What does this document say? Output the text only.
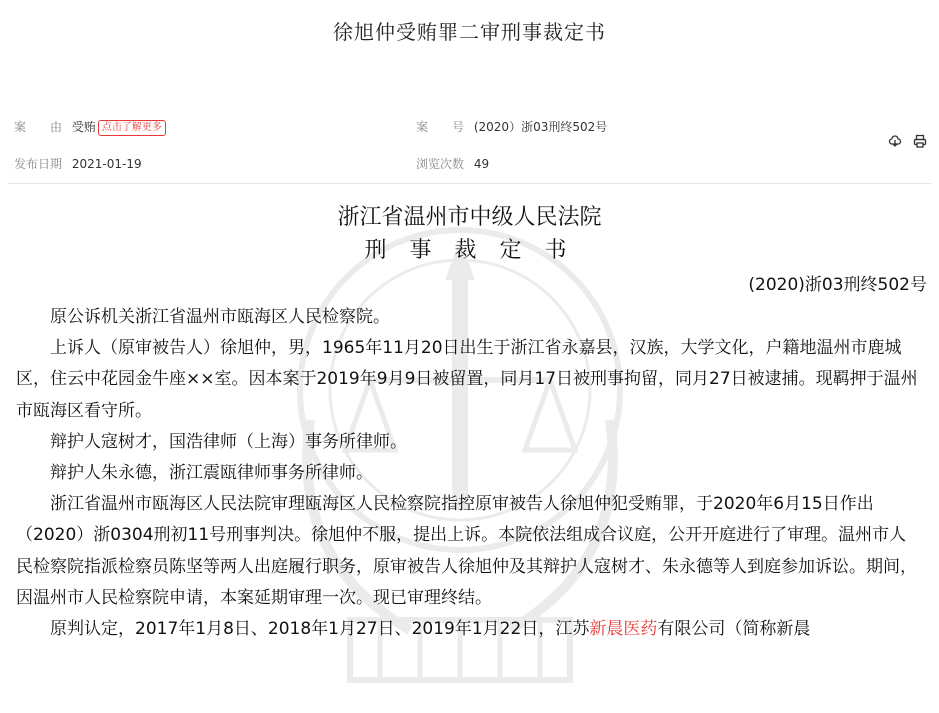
徐旭仲受贿罪二审刑事裁定书
案　　由 受贿 点击了解更多	案　　号 (2020）浙03刑终502号
发布日期 2021-01-19	浏览次数 49

浙江省温州市中级人民法院
刑 事 裁 定 书
(2020)浙03刑终502号

原公诉机关浙江省温州市瓯海区人民检察院。

上诉人（原审被告人）徐旭仲，男，1965年11月20日出生于浙江省永嘉县，汉族，大学文化，户籍地温州市鹿城区，住云中花园金牛座××室。因本案于2019年9月9日被留置，同月17日被刑事拘留，同月27日被逮捕。现羁押于温州市瓯海区看守所。

辩护人寇树才，国浩律师（上海）事务所律师。

辩护人朱永德，浙江震瓯律师事务所律师。

浙江省温州市瓯海区人民法院审理瓯海区人民检察院指控原审被告人徐旭仲犯受贿罪，于2020年6月15日作出（2020）浙0304刑初11号刑事判决。徐旭仲不服，提出上诉。本院依法组成合议庭，公开开庭进行了审理。温州市人民检察院指派检察员陈坚等两人出庭履行职务，原审被告人徐旭仲及其辩护人寇树才、朱永德等人到庭参加诉讼。期间，因温州市人民检察院申请，本案延期审理一次。现已审理终结。

原判认定，2017年1月8日、2018年1月27日、2019年1月22日，江苏新晨医药有限公司（简称新晨
